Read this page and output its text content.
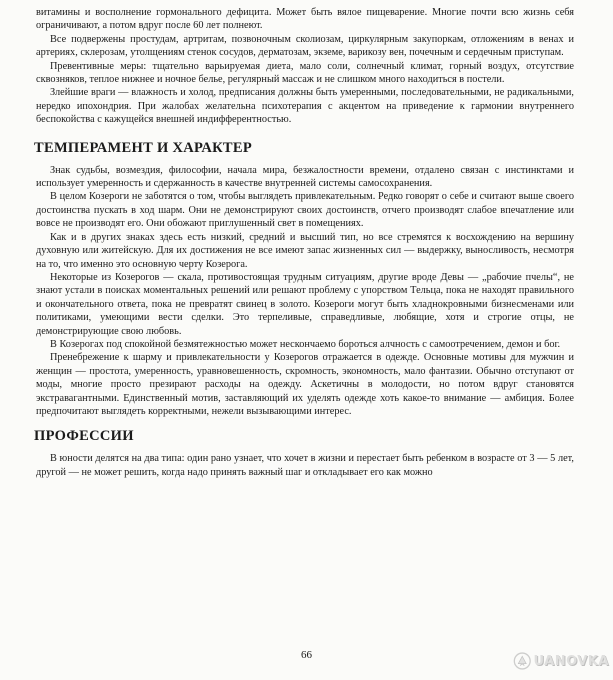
витамины и восполнение гормонального дефицита. Может быть вялое пищеварение. Многие почти всю жизнь себя ограничивают, а потом вдруг после 60 лет полнеют.

Все подвержены простудам, артритам, позвоночным сколиозам, циркулярным закупоркам, отложениям в венах и артериях, склерозам, утолщениям стенок сосудов, дерматозам, экземе, варикозу вен, почечным и сердечным приступам.

Превентивные меры: тщательно варьируемая диета, мало соли, солнечный климат, горный воздух, отсутствие сквозняков, теплое нижнее и ночное белье, регулярный массаж и не слишком много находиться в постели.

Злейшие враги — влажность и холод, предписания должны быть умеренными, последовательными, не радикальными, нередко ипохондрия. При жалобах желательна психотерапия с акцентом на приведение к гармонии внутреннего беспокойства с кажущейся внешней индифферентностью.

ТЕМПЕРАМЕНТ И ХАРАКТЕР

Знак судьбы, возмездия, философии, начала мира, безжалостности времени, отдалено связан с инстинктами и использует умеренность и сдержанность в качестве внутренней системы самосохранения.

В целом Козероги не заботятся о том, чтобы выглядеть привлекательным. Редко говорят о себе и считают выше своего достоинства пускать в ход шарм. Они не демонстрируют своих достоинств, отчего производят слабое впечатление или вовсе не производят его. Они обожают приглушенный свет в помещениях.

Как и в других знаках здесь есть низкий, средний и высший тип, но все стремятся к восхождению на вершину духовную или житейскую. Для их достижения не все имеют запас жизненных сил — выдержку, выносливость, несмотря на то, что именно это основную черту Козерога.

Некоторые из Козерогов — скала, противостоящая трудным ситуациям, другие вроде Девы — „рабочие пчелы“, не знают устали в поисках моментальных решений или решают проблему с упорством Тельца, пока не находят правильного и окончательного ответа, пока не превратят свинец в золото. Козероги могут быть хладнокровными бизнесменами или политиками, умеющими вести сделки. Это терпеливые, справедливые, любящие, хотя и строгие отцы, не демонстрирующие свою любовь.

В Козерогах под спокойной безмятежностью может нескончаемо бороться алчность с самоотречением, демон и бог.

Пренебрежение к шарму и привлекательности у Козерогов отражается в одежде. Основные мотивы для мужчин и женщин — простота, умеренность, уравновешенность, скромность, экономность, мало фантазии. Обычно отступают от моды, многие просто презирают расходы на одежду. Аскетичны в молодости, но потом вдруг становятся экстравагантными. Единственный мотив, заставляющий их уделять одежде хоть какое-то внимание — амбиция. Более предпочитают выглядеть корректными, нежели вызывающими интерес.

ПРОФЕССИИ

В юности делятся на два типа: один рано узнает, что хочет в жизни и перестает быть ребенком в возрасте от 3 — 5 лет, другой — не может решить, когда надо принять важный шаг и откладывает его как можно

66	UANOVKA
